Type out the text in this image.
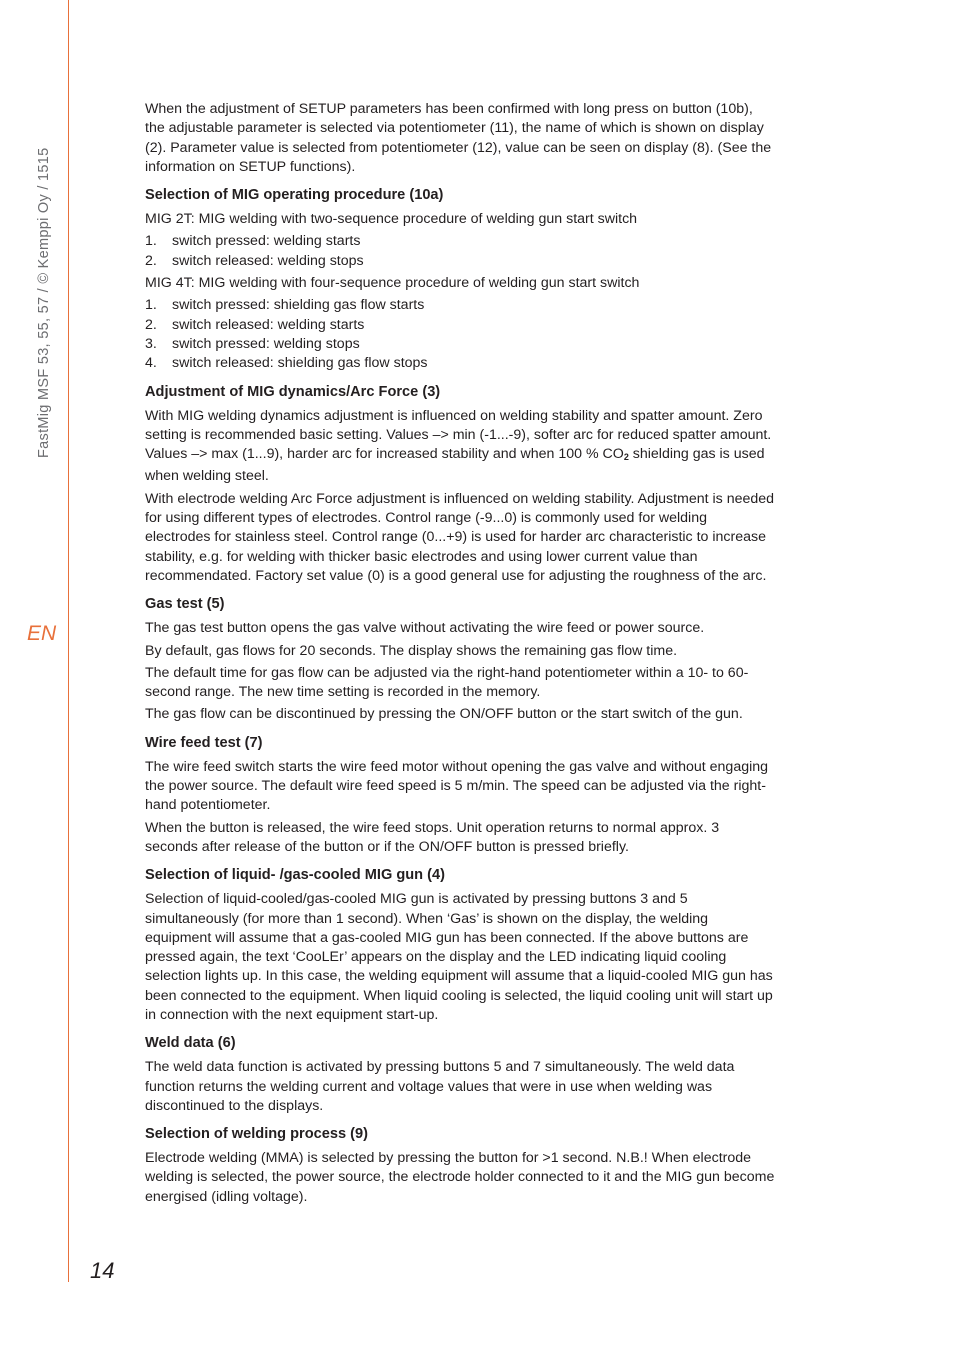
FastMig MSF 53, 55, 57 / © Kemppi Oy / 1515
EN
14

When the adjustment of SETUP parameters has been confirmed with long press on button (10b), the adjustable parameter is selected via potentiometer (11), the name of which is shown on display (2). Parameter value is selected from potentiometer (12), value can be seen on display (8). (See the information on SETUP functions).

Selection of MIG operating procedure (10a)

MIG 2T: MIG welding with two-sequence procedure of welding gun start switch

1.	switch pressed: welding starts
2.	switch released: welding stops

MIG 4T: MIG welding with four-sequence procedure of welding gun start switch

1.	switch pressed: shielding gas flow starts
2.	switch released: welding starts
3.	switch pressed: welding stops
4.	switch released: shielding gas flow stops
Adjustment of MIG dynamics/Arc Force (3)

With MIG welding dynamics adjustment is influenced on welding stability and spatter amount. Zero setting is recommended basic setting. Values –> min (-1...-9), softer arc for reduced spatter amount. Values –> max (1...9), harder arc for increased stability and when 100 % $CO_2$ shielding gas is used when welding steel.

With electrode welding Arc Force adjustment is influenced on welding stability. Adjustment is needed for using different types of electrodes. Control range (-9...0) is commonly used for welding electrodes for stainless steel. Control range (0...+9) is used for harder arc characteristic to increase stability, e.g. for welding with thicker basic electrodes and using lower current value than recommendated. Factory set value (0) is a good general use for adjusting the roughness of the arc.

Gas test (5)

The gas test button opens the gas valve without activating the wire feed or power source.

By default, gas flows for 20 seconds. The display shows the remaining gas flow time.

The default time for gas flow can be adjusted via the right-hand potentiometer within a 10- to 60-second range. The new time setting is recorded in the memory.

The gas flow can be discontinued by pressing the ON/OFF button or the start switch of the gun.

Wire feed test (7)

The wire feed switch starts the wire feed motor without opening the gas valve and without engaging the power source. The default wire feed speed is 5 m/min. The speed can be adjusted via the right-hand potentiometer.

When the button is released, the wire feed stops. Unit operation returns to normal approx. 3 seconds after release of the button or if the ON/OFF button is pressed briefly.

Selection of liquid- /gas-cooled MIG gun (4)

Selection of liquid-cooled/gas-cooled MIG gun is activated by pressing buttons 3 and 5 simultaneously (for more than 1 second). When ‘Gas’ is shown on the display, the welding equipment will assume that a gas-cooled MIG gun has been connected. If the above buttons are pressed again, the text ‘CooLEr’ appears on the display and the LED indicating liquid cooling selection lights up. In this case, the welding equipment will assume that a liquid-cooled MIG gun has been connected to the equipment. When liquid cooling is selected, the liquid cooling unit will start up in connection with the next equipment start-up.

Weld data (6)

The weld data function is activated by pressing buttons 5 and 7 simultaneously. The weld data function returns the welding current and voltage values that were in use when welding was discontinued to the displays.

Selection of welding process (9)

Electrode welding (MMA) is selected by pressing the button for >1 second. N.B.! When electrode welding is selected, the power source, the electrode holder connected to it and the MIG gun become energised (idling voltage).
